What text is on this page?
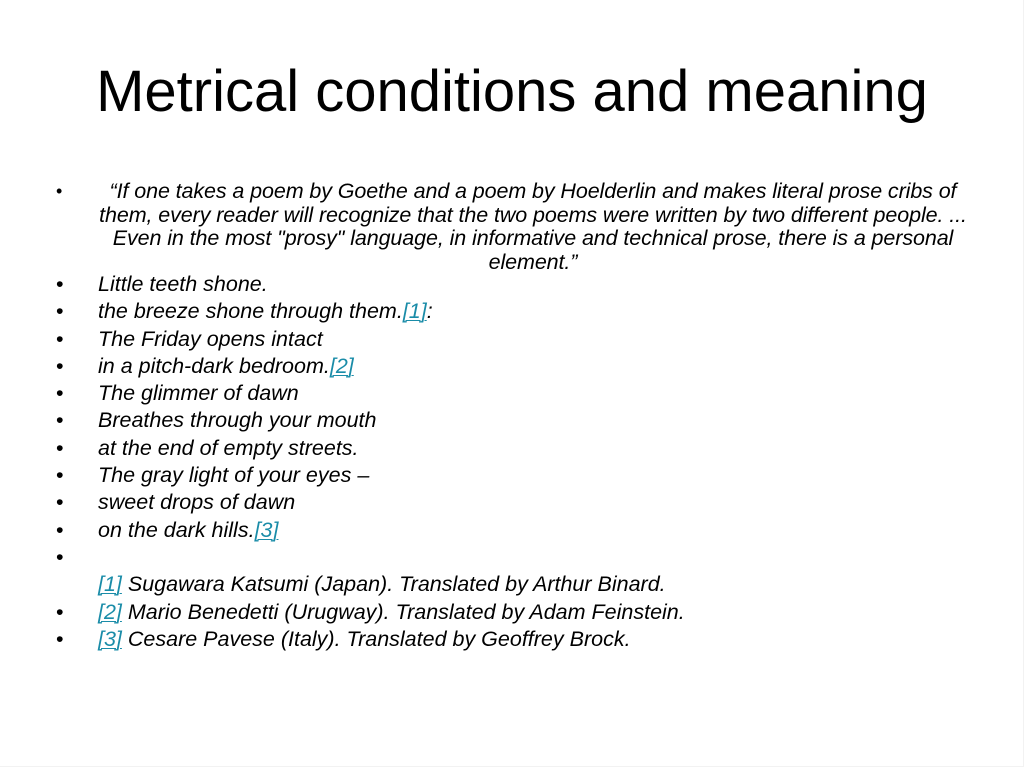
Metrical conditions and meaning
•	“If one takes a poem by Goethe and a poem by Hoelderlin and makes literal prose cribs of them, every reader will recognize that the two poems were written by two different people. ... Even in the most "prosy" language, in informative and technical prose, there is a personal element.”
•	Little teeth shone.
•	the breeze shone through them.[1]:
•	The Friday opens intact
•	in a pitch-dark bedroom.[2]
•	The glimmer of dawn
•	Breathes through your mouth
•	at the end of empty streets.
•	The gray light of your eyes –
•	sweet drops of dawn
•	on the dark hills.[3]
•
[1] Sugawara Katsumi (Japan). Translated by Arthur Binard.
•	[2] Mario Benedetti (Urugway). Translated by Adam Feinstein.
•	[3] Cesare Pavese (Italy). Translated by Geoffrey Brock.
